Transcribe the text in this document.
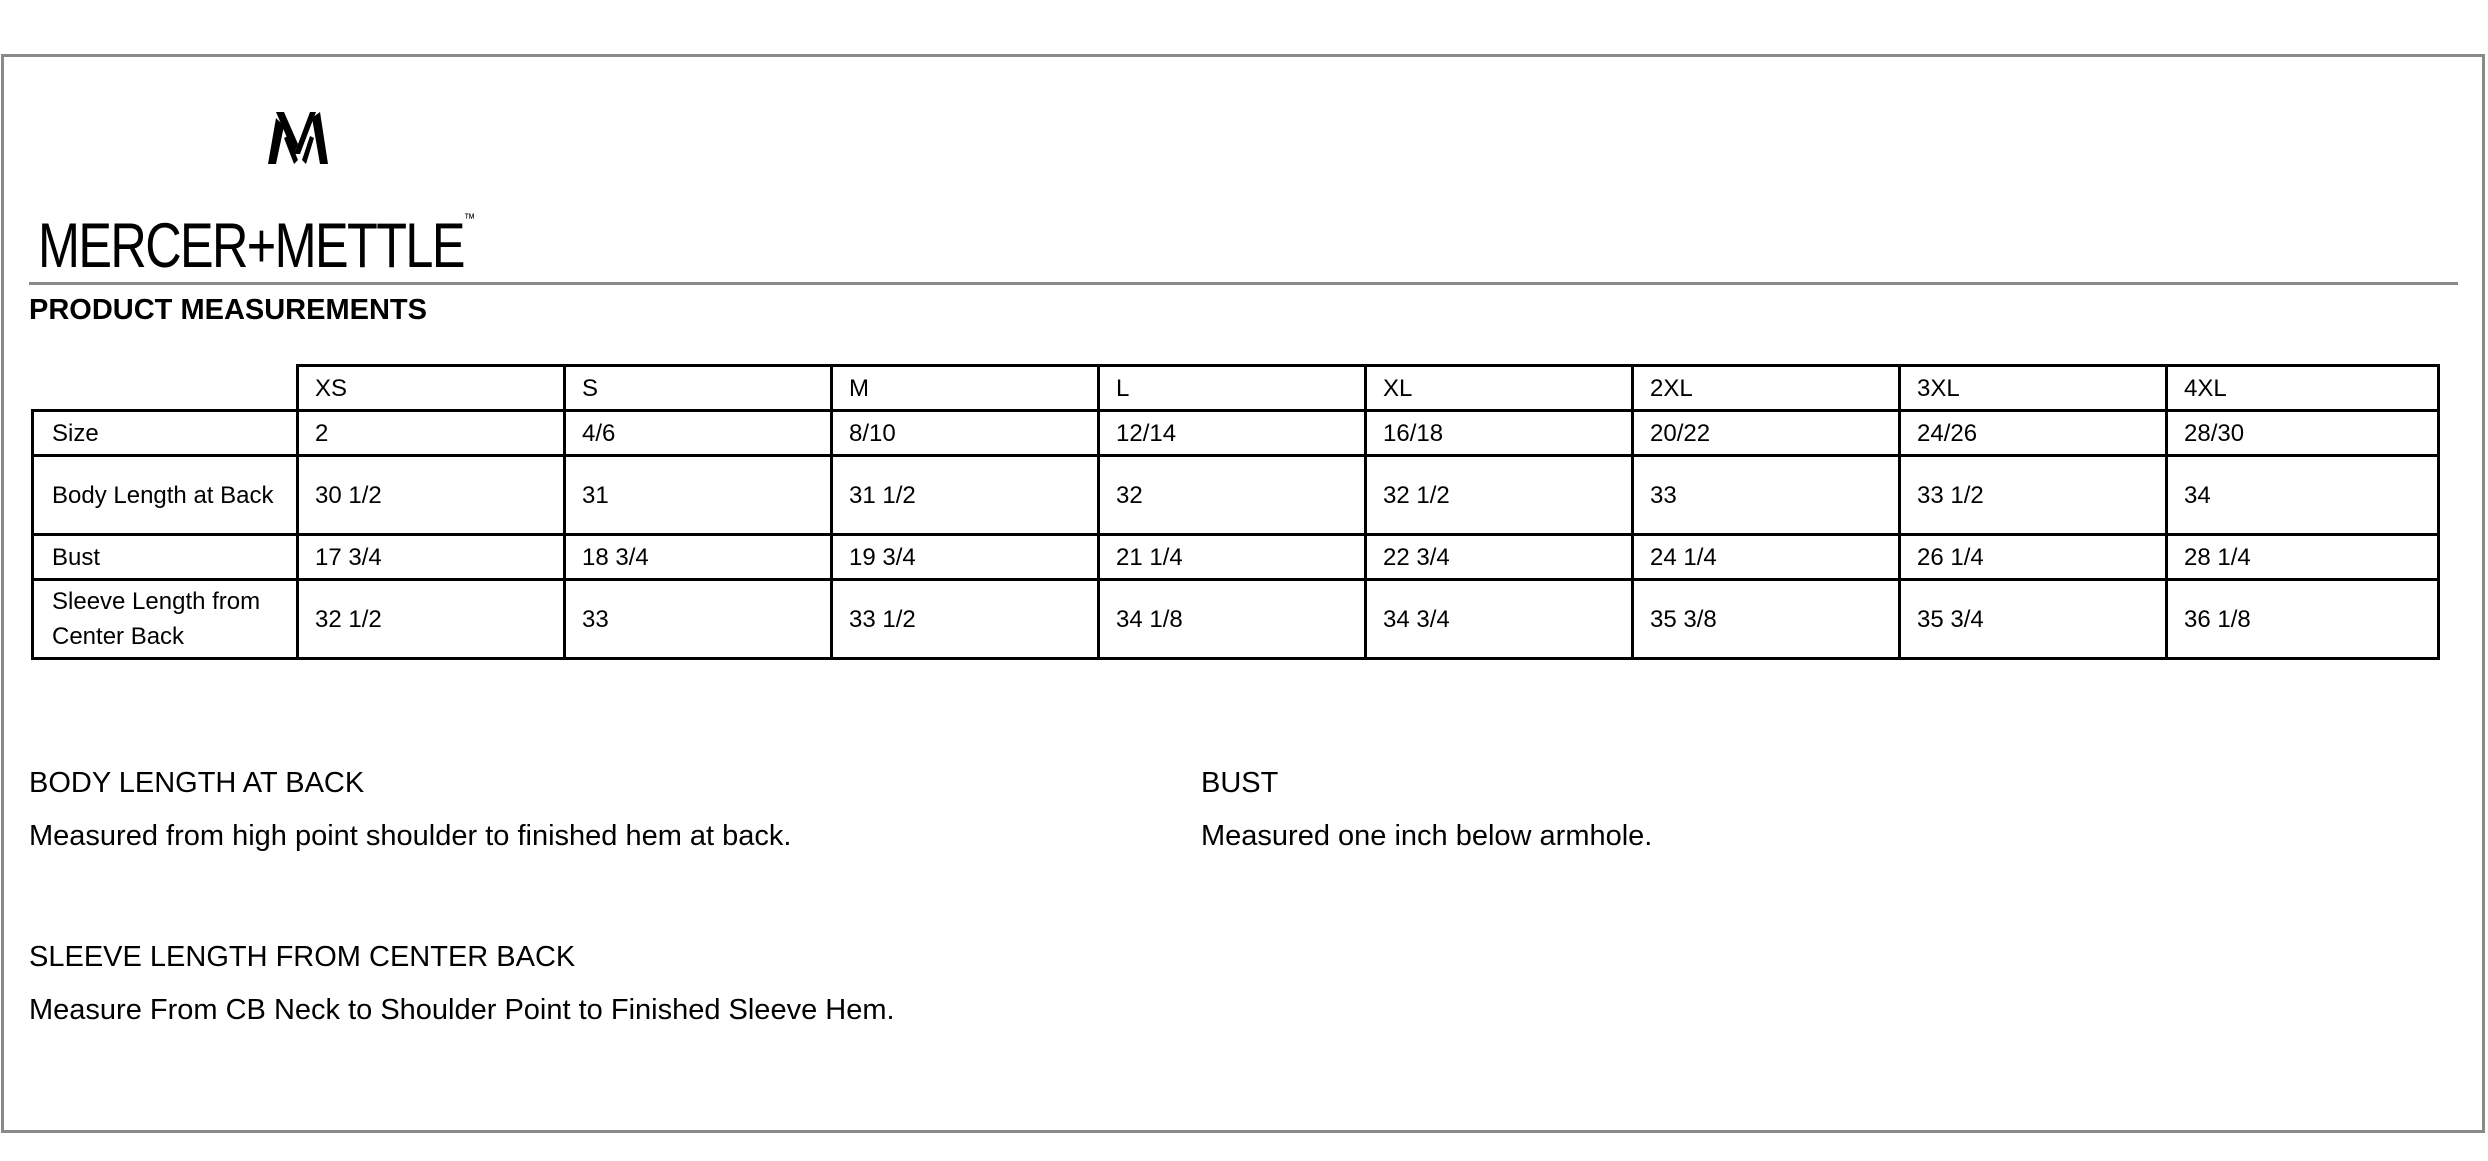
MERCER+METTLE™
PRODUCT MEASUREMENTS
	XS	S	M	L	XL	2XL	3XL	4XL
Size	2	4/6	8/10	12/14	16/18	20/22	24/26	28/30
Body Length at Back	30 1/2	31	31 1/2	32	32 1/2	33	33 1/2	34
Bust	17 3/4	18 3/4	19 3/4	21 1/4	22 3/4	24 1/4	26 1/4	28 1/4
Sleeve Length from Center Back	32 1/2	33	33 1/2	34 1/8	34 3/4	35 3/8	35 3/4	36 1/8
BODY LENGTH AT BACK
Measured from high point shoulder to finished hem at back.
BUST
Measured one inch below armhole.
SLEEVE LENGTH FROM CENTER BACK
Measure From CB Neck to Shoulder Point to Finished Sleeve Hem.
